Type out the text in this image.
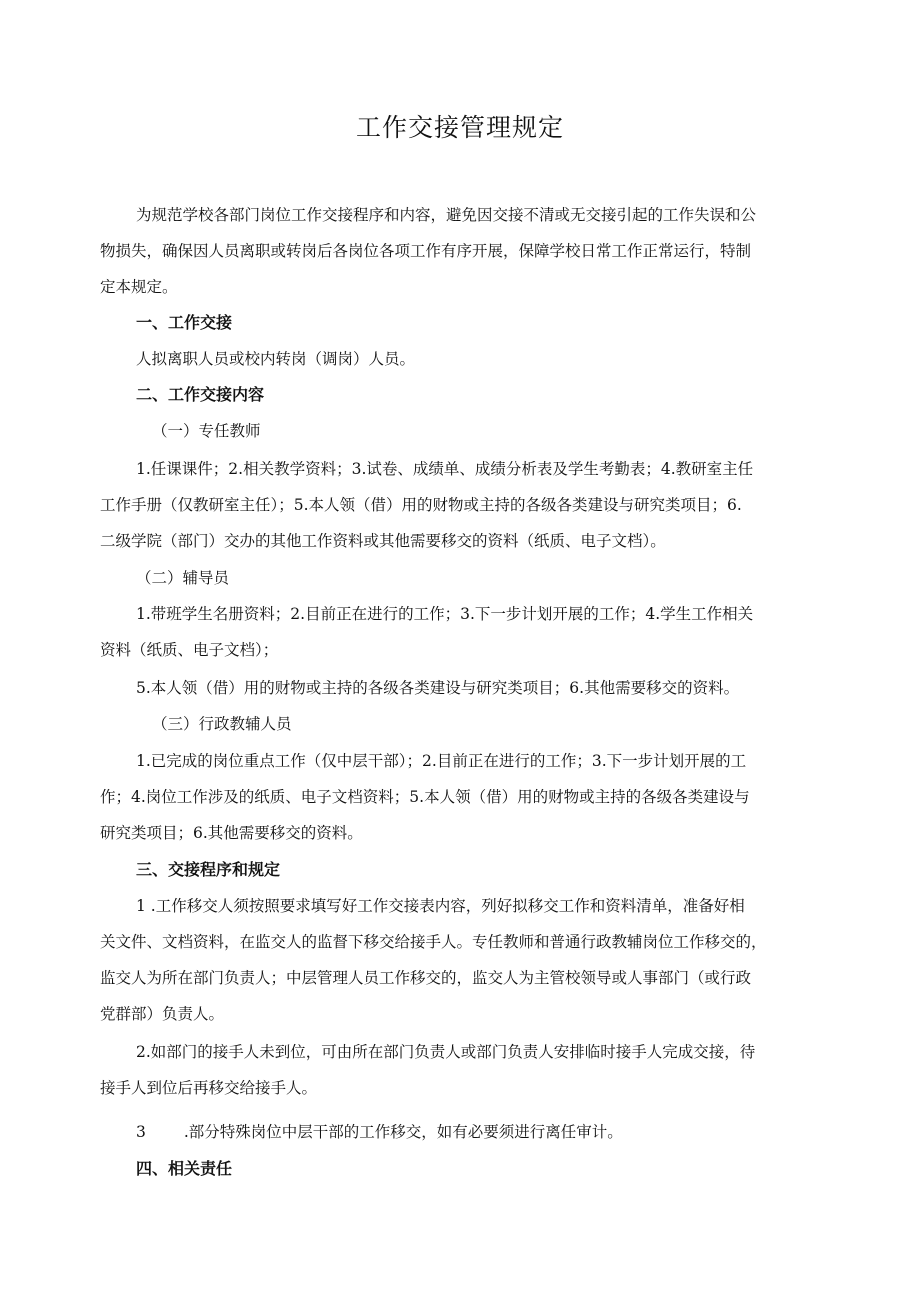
工作交接管理规定
为规范学校各部门岗位工作交接程序和内容，避免因交接不清或无交接引起的工作失误和公
物损失，确保因人员离职或转岗后各岗位各项工作有序开展，保障学校日常工作正常运行，特制
定本规定。
一、工作交接
人拟离职人员或校内转岗（调岗）人员。
二、工作交接内容
（一）专任教师
1.任课课件；2.相关教学资料；3.试卷、成绩单、成绩分析表及学生考勤表；4.教研室主任
工作手册（仅教研室主任）；5.本人领（借）用的财物或主持的各级各类建设与研究类项目；6.
二级学院（部门）交办的其他工作资料或其他需要移交的资料（纸质、电子文档）。
（二）辅导员
1.带班学生名册资料；2.目前正在进行的工作；3.下一步计划开展的工作；4.学生工作相关
资料（纸质、电子文档）；
5.本人领（借）用的财物或主持的各级各类建设与研究类项目；6.其他需要移交的资料。
（三）行政教辅人员
1.已完成的岗位重点工作（仅中层干部）；2.目前正在进行的工作；3.下一步计划开展的工
作；4.岗位工作涉及的纸质、电子文档资料；5.本人领（借）用的财物或主持的各级各类建设与
研究类项目；6.其他需要移交的资料。
三、交接程序和规定
1 .工作移交人须按照要求填写好工作交接表内容，列好拟移交工作和资料清单，准备好相
关文件、文档资料，在监交人的监督下移交给接手人。专任教师和普通行政教辅岗位工作移交的，
监交人为所在部门负责人；中层管理人员工作移交的，监交人为主管校领导或人事部门（或行政
党群部）负责人。
2.如部门的接手人未到位，可由所在部门负责人或部门负责人安排临时接手人完成交接，待
接手人到位后再移交给接手人。
3 .部分特殊岗位中层干部的工作移交，如有必要须进行离任审计。
四、相关责任
